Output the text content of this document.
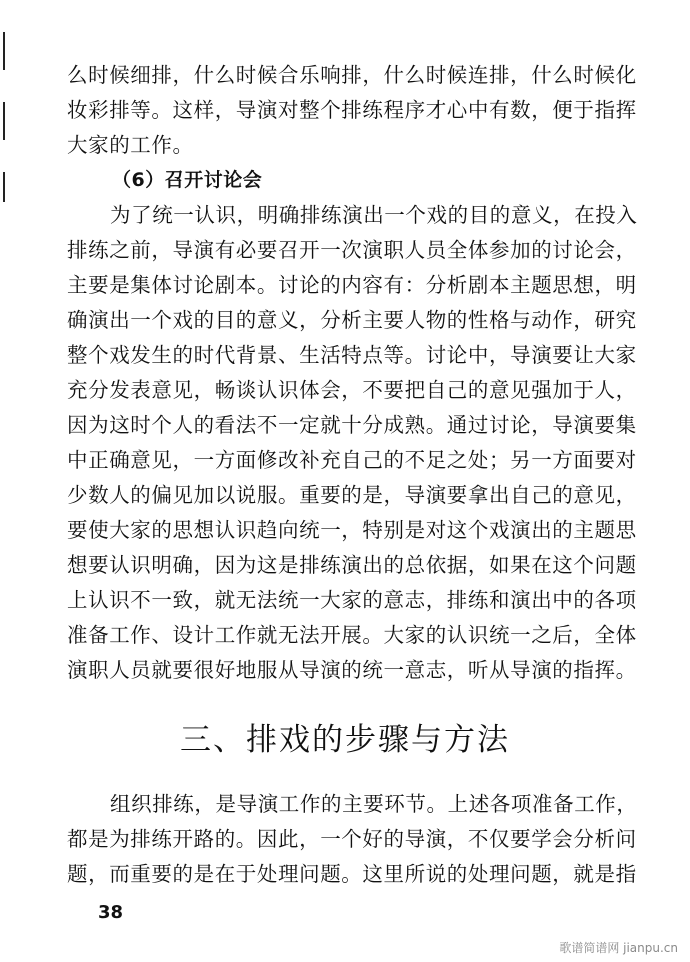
么时候细排，什么时候合乐响排，什么时候连排，什么时候化
妆彩排等。这样，导演对整个排练程序才心中有数，便于指挥
大家的工作。
（6）召开讨论会
为了统一认识，明确排练演出一个戏的目的意义，在投入
排练之前，导演有必要召开一次演职人员全体参加的讨论会，
主要是集体讨论剧本。讨论的内容有：分析剧本主题思想，明
确演出一个戏的目的意义，分析主要人物的性格与动作，研究
整个戏发生的时代背景、生活特点等。讨论中，导演要让大家
充分发表意见，畅谈认识体会，不要把自己的意见强加于人，
因为这时个人的看法不一定就十分成熟。通过讨论，导演要集
中正确意见，一方面修改补充自己的不足之处；另一方面要对
少数人的偏见加以说服。重要的是，导演要拿出自己的意见，
要使大家的思想认识趋向统一，特别是对这个戏演出的主题思
想要认识明确，因为这是排练演出的总依据，如果在这个问题
上认识不一致，就无法统一大家的意志，排练和演出中的各项
准备工作、设计工作就无法开展。大家的认识统一之后，全体
演职人员就要很好地服从导演的统一意志，听从导演的指挥。
三、排戏的步骤与方法
组织排练，是导演工作的主要环节。上述各项准备工作，
都是为排练开路的。因此，一个好的导演，不仅要学会分析问
题，而重要的是在于处理问题。这里所说的处理问题，就是指
38
歌谱简谱网 jianpu.cn
